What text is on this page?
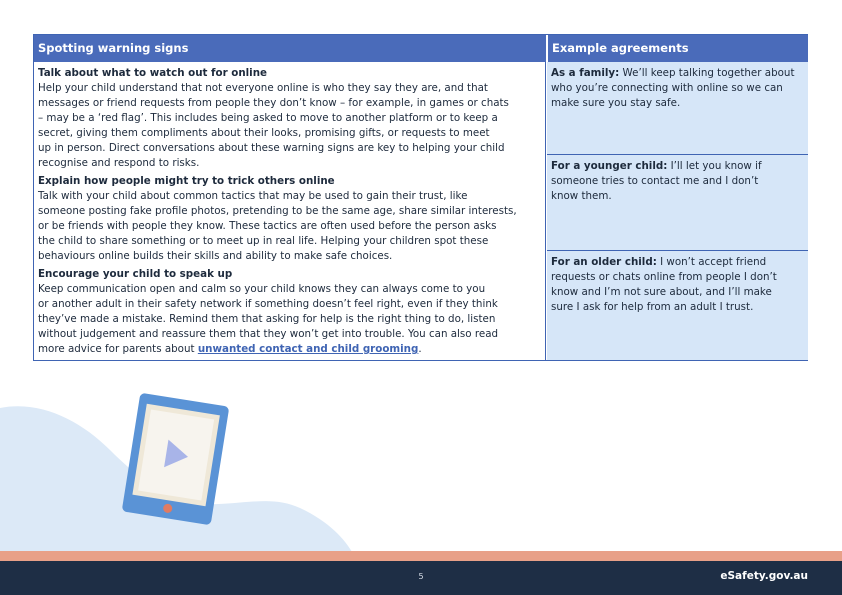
Spotting warning signs	Example agreements
Talk about what to watch out for online

Help your child understand that not everyone online is who they say they are, and that
messages or friend requests from people they don’t know – for example, in games or chats
– may be a ‘red flag’. This includes being asked to move to another platform or to keep a
secret, giving them compliments about their looks, promising gifts, or requests to meet
up in person. Direct conversations about these warning signs are key to helping your child
recognise and respond to risks.

Explain how people might try to trick others online

Talk with your child about common tactics that may be used to gain their trust, like
someone posting fake profile photos, pretending to be the same age, share similar interests,
or be friends with people they know. These tactics are often used before the person asks
the child to share something or to meet up in real life. Helping your children spot these
behaviours online builds their skills and ability to make safe choices.

Encourage your child to speak up

Keep communication open and calm so your child knows they can always come to you
or another adult in their safety network if something doesn’t feel right, even if they think
they’ve made a mistake. Remind them that asking for help is the right thing to do, listen
without judgement and reassure them that they won’t get into trouble. You can also read
more advice for parents about unwanted contact and child grooming.

As a family: We’ll keep talking together about
who you’re connecting with online so we can
make sure you stay safe.
For a younger child: I’ll let you know if
someone tries to contact me and I don’t
know them.
For an older child: I won’t accept friend
requests or chats online from people I don’t
know and I’m not sure about, and I’ll make
sure I ask for help from an adult I trust.
5	eSafety.gov.au
